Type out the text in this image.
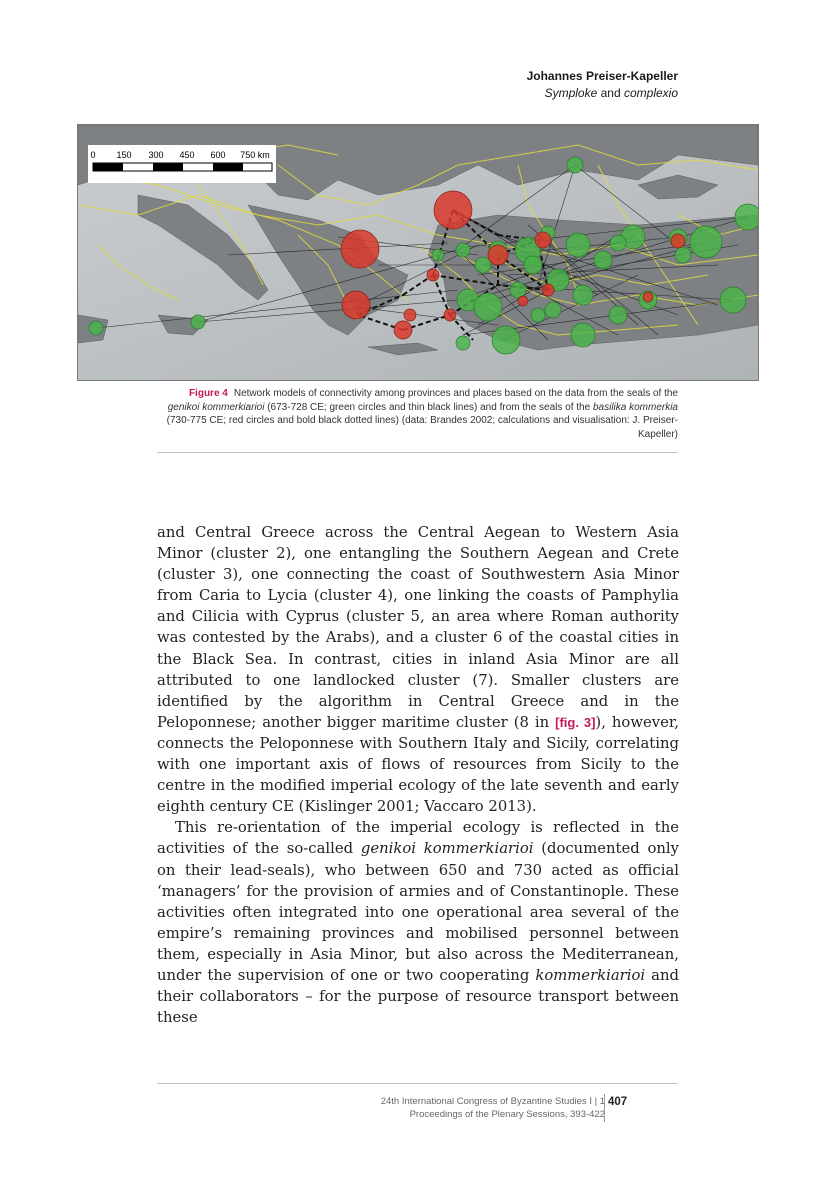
Johannes Preiser-Kapeller
Symploke and complexio
0 150 300 450 600 750 km
Figure 4 Network models of connectivity among provinces and places based on the data from the seals of the genikoi kommerkiarioi (673-728 CE; green circles and thin black lines) and from the seals of the basilika kommerkia (730-775 CE; red circles and bold black dotted lines) (data: Brandes 2002; calculations and visualisation: J. Preiser-Kapeller)

and Central Greece across the Central Aegean to Western Asia Minor (cluster 2), one entangling the Southern Aegean and Crete (cluster 3), one connecting the coast of Southwestern Asia Minor from Caria to Lycia (cluster 4), one linking the coasts of Pamphylia and Cilicia with Cyprus (cluster 5, an area where Roman authority was contested by the Arabs), and a cluster 6 of the coastal cities in the Black Sea. In contrast, cities in inland Asia Minor are all attributed to one landlocked cluster (7). Smaller clusters are identified by the algorithm in Central Greece and in the Peloponnese; another bigger maritime cluster (8 in [fig. 3]), however, connects the Peloponnese with Southern Italy and Sicily, correlating with one important axis of flows of resources from Sicily to the centre in the modified imperial ecology of the late seventh and early eighth century CE (Kislinger 2001; Vaccaro 2013).

This re-orientation of the imperial ecology is reflected in the activities of the so-called genikoi kommerkiarioi (documented only on their lead-seals), who between 650 and 730 acted as official ‘managers’ for the provision of armies and of Constantinople. These activities often integrated into one operational area several of the empire’s remaining provinces and mobilised personnel between them, especially in Asia Minor, but also across the Mediterranean, under the supervision of one or two cooperating kommerkiarioi and their collaborators – for the purpose of resource transport between these

24th International Congress of Byzantine Studies I | 1
Proceedings of the Plenary Sessions, 393-422
407
